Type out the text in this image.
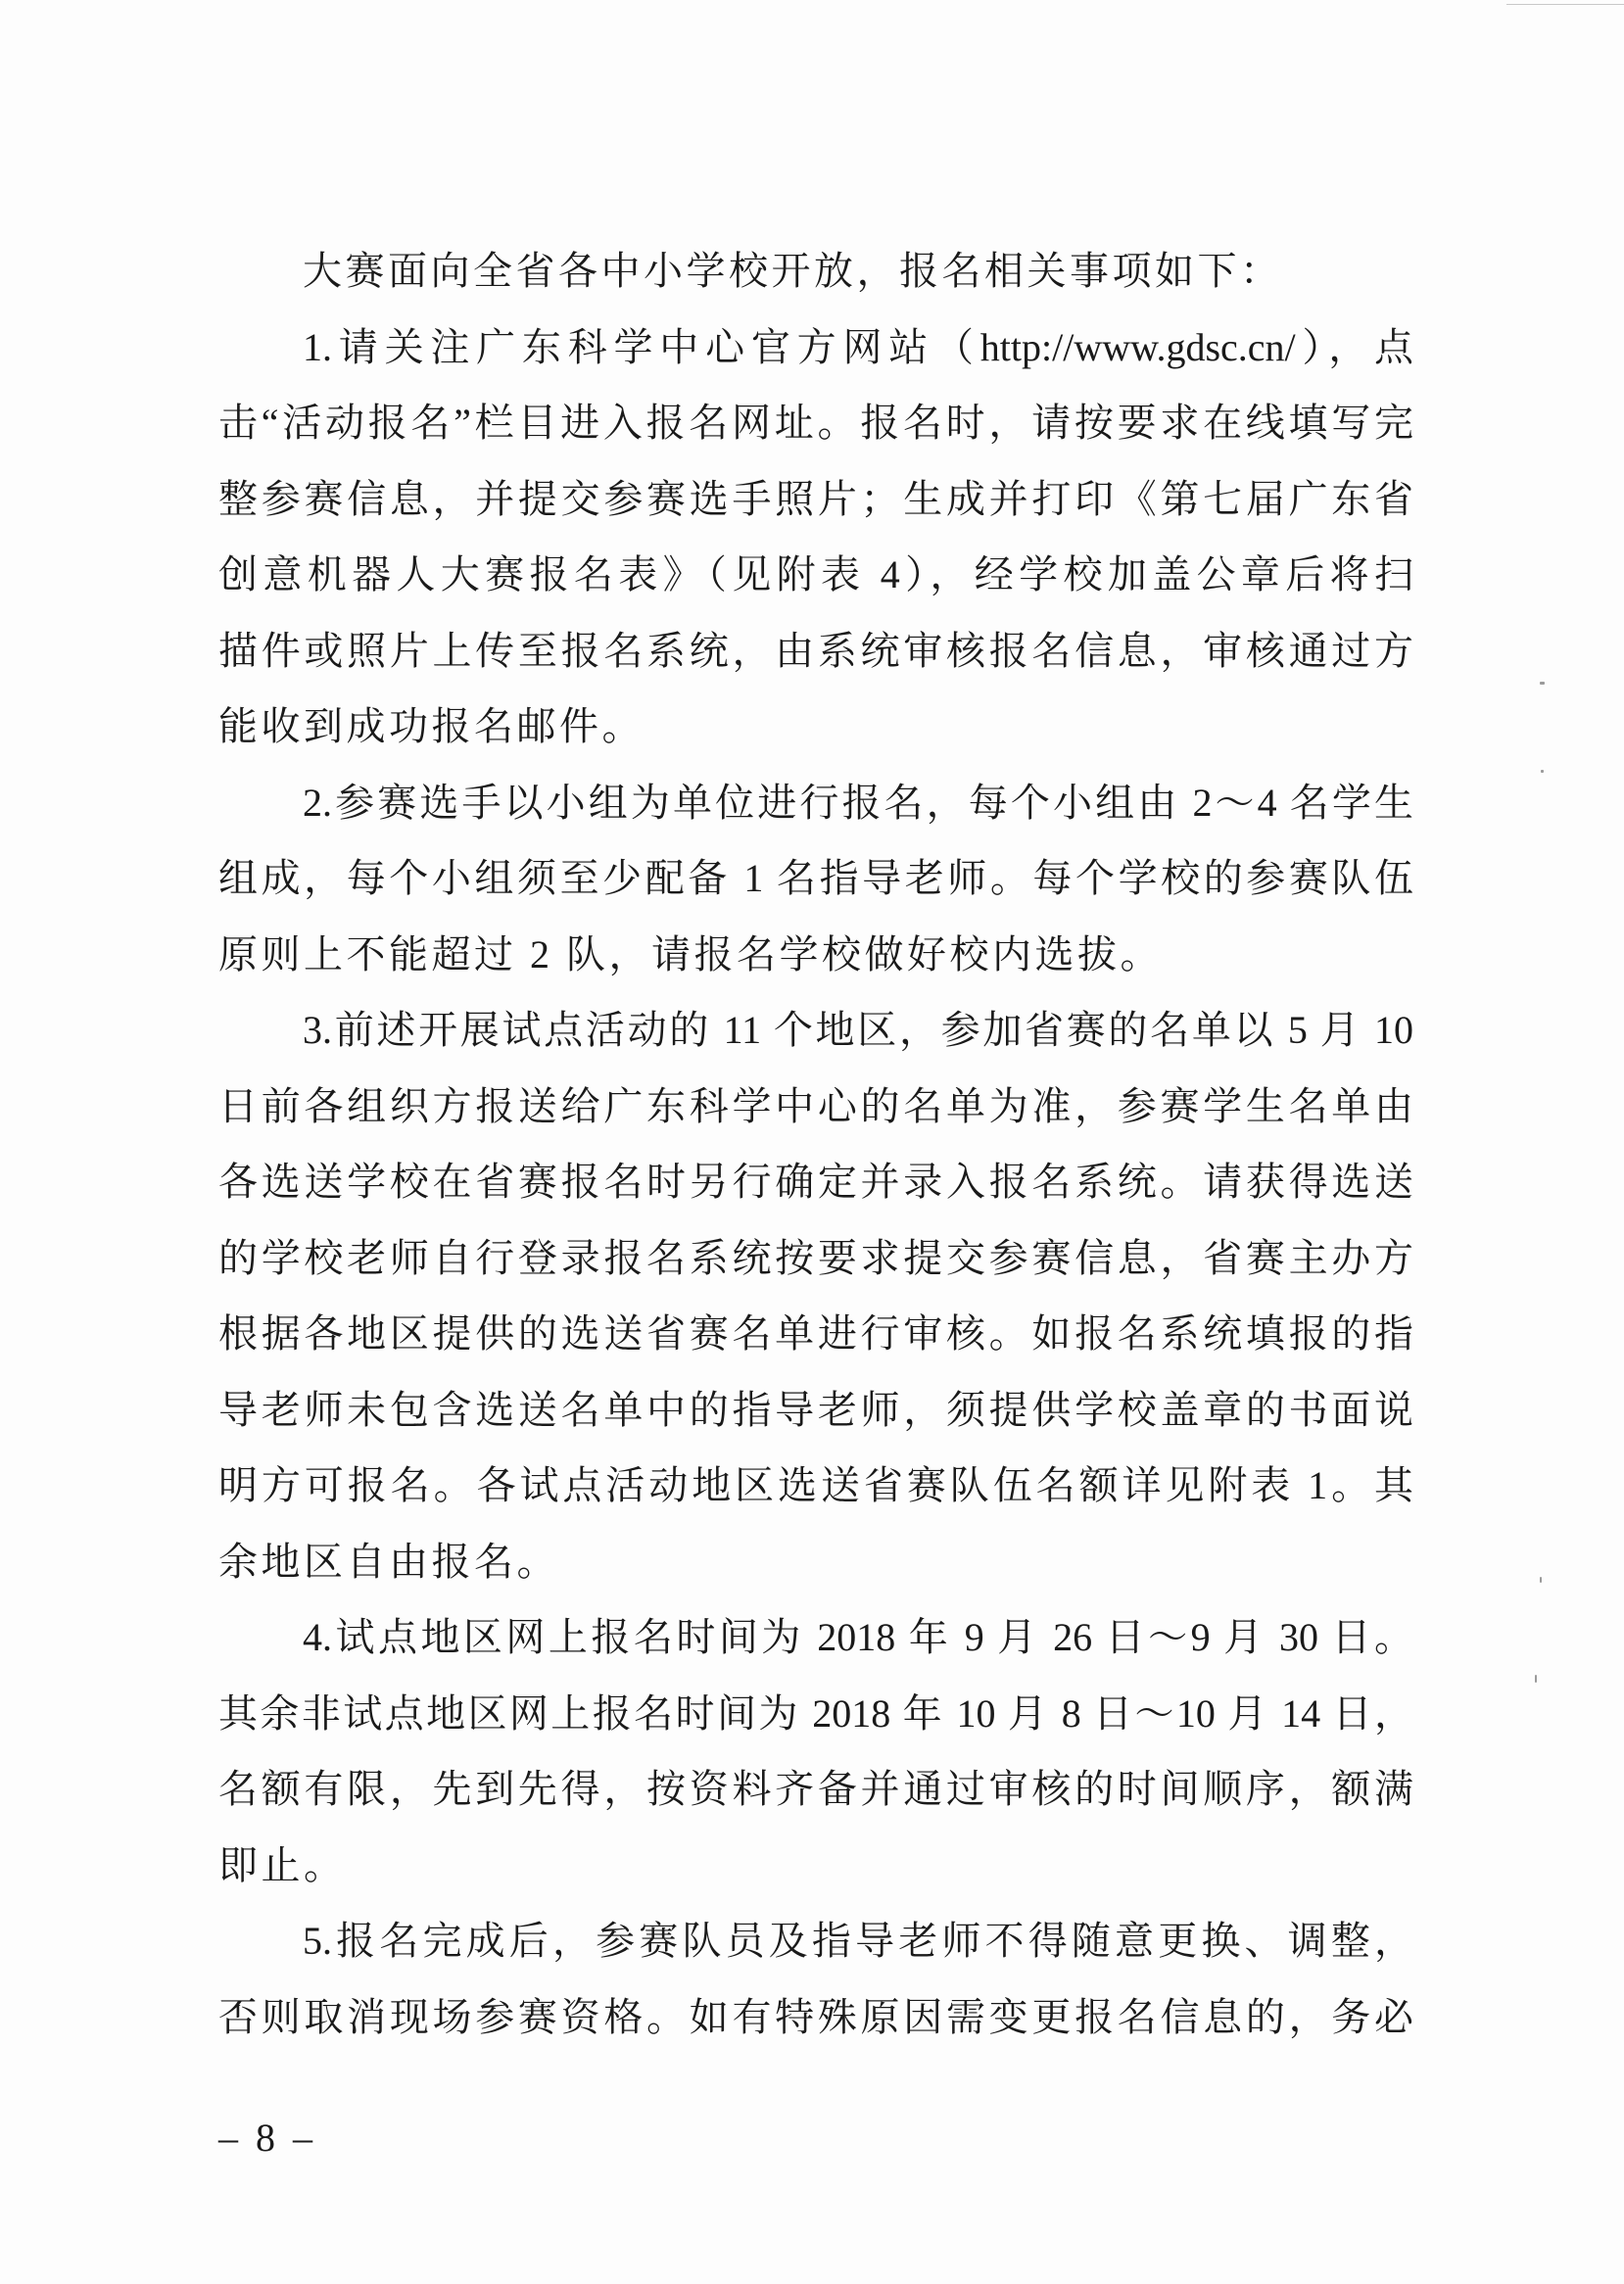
大赛面向全省各中小学校开放，报名相关事项如下：
1.请关注广东科学中心官方网站（http://www.gdsc.cn/），点
击“活动报名”栏目进入报名网址。报名时，请按要求在线填写完
整参赛信息，并提交参赛选手照片；生成并打印《第七届广东省
创意机器人大赛报名表》（见附表 4），经学校加盖公章后将扫
描件或照片上传至报名系统，由系统审核报名信息，审核通过方
能收到成功报名邮件。
2.参赛选手以小组为单位进行报名，每个小组由 2～4 名学生
组成，每个小组须至少配备 1 名指导老师。每个学校的参赛队伍
原则上不能超过 2 队，请报名学校做好校内选拔。
3.前述开展试点活动的 11 个地区，参加省赛的名单以 5 月 10
日前各组织方报送给广东科学中心的名单为准，参赛学生名单由
各选送学校在省赛报名时另行确定并录入报名系统。请获得选送
的学校老师自行登录报名系统按要求提交参赛信息，省赛主办方
根据各地区提供的选送省赛名单进行审核。如报名系统填报的指
导老师未包含选送名单中的指导老师，须提供学校盖章的书面说
明方可报名。各试点活动地区选送省赛队伍名额详见附表 1。其
余地区自由报名。
4.试点地区网上报名时间为 2018 年 9 月 26 日～9 月 30 日。
其余非试点地区网上报名时间为 2018 年 10 月 8 日～10 月 14 日，
名额有限，先到先得，按资料齐备并通过审核的时间顺序，额满
即止。
5.报名完成后，参赛队员及指导老师不得随意更换、调整，
否则取消现场参赛资格。如有特殊原因需变更报名信息的，务必
– 8 –
